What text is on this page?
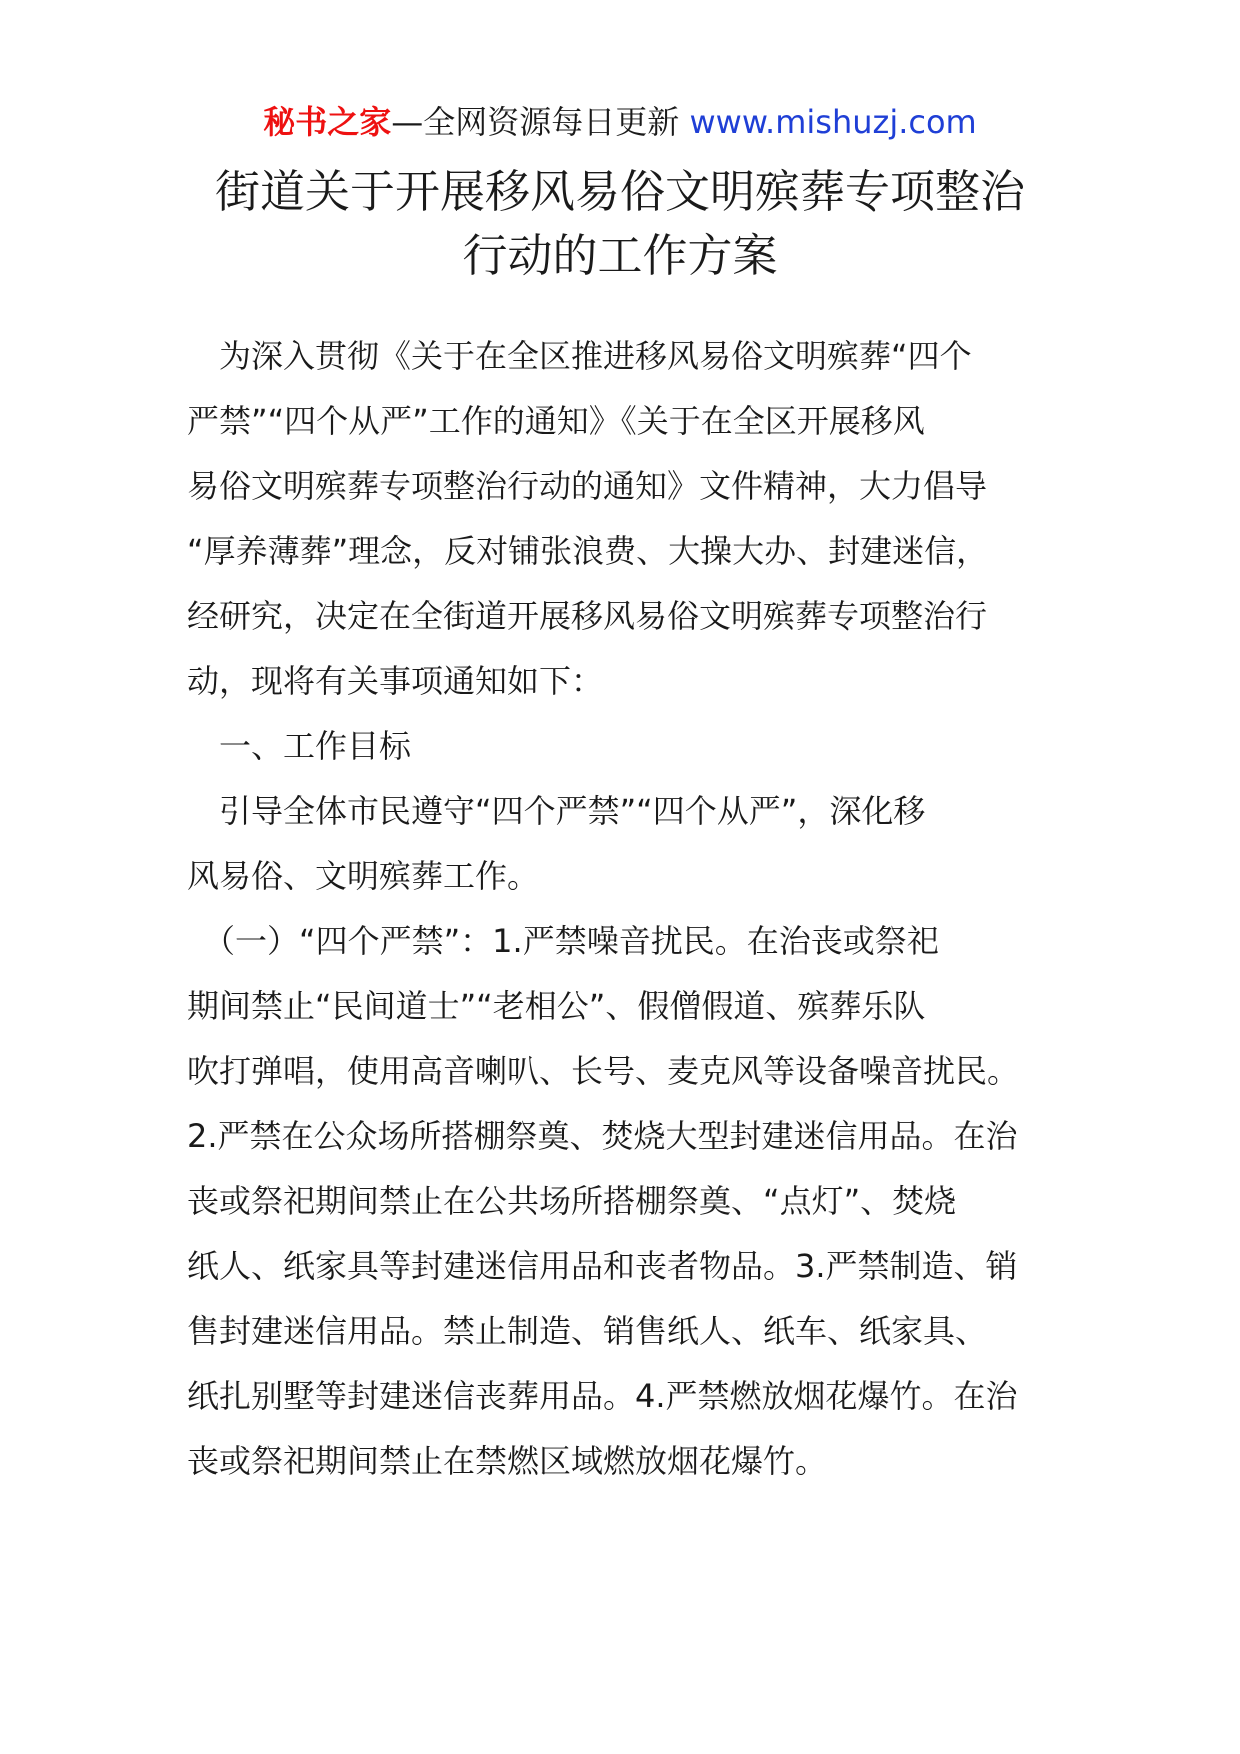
秘书之家—全网资源每日更新 www.mishuzj.com
街道关于开展移风易俗文明殡葬专项整治
行动的工作方案
　为深入贯彻《关于在全区推进移风易俗文明殡葬“四个
严禁”“四个从严”工作的通知》《关于在全区开展移风
易俗文明殡葬专项整治行动的通知》文件精神，大力倡导
“厚养薄葬”理念，反对铺张浪费、大操大办、封建迷信，
经研究，决定在全街道开展移风易俗文明殡葬专项整治行
动，现将有关事项通知如下：
　一、工作目标
　引导全体市民遵守“四个严禁”“四个从严”，深化移
风易俗、文明殡葬工作。
　（一）“四个严禁”：1.严禁噪音扰民。在治丧或祭祀
期间禁止“民间道士”“老相公”、假僧假道、殡葬乐队
吹打弹唱，使用高音喇叭、长号、麦克风等设备噪音扰民。
2.严禁在公众场所搭棚祭奠、焚烧大型封建迷信用品。在治
丧或祭祀期间禁止在公共场所搭棚祭奠、“点灯”、焚烧
纸人、纸家具等封建迷信用品和丧者物品。3.严禁制造、销
售封建迷信用品。禁止制造、销售纸人、纸车、纸家具、
纸扎别墅等封建迷信丧葬用品。4.严禁燃放烟花爆竹。在治
丧或祭祀期间禁止在禁燃区域燃放烟花爆竹。
